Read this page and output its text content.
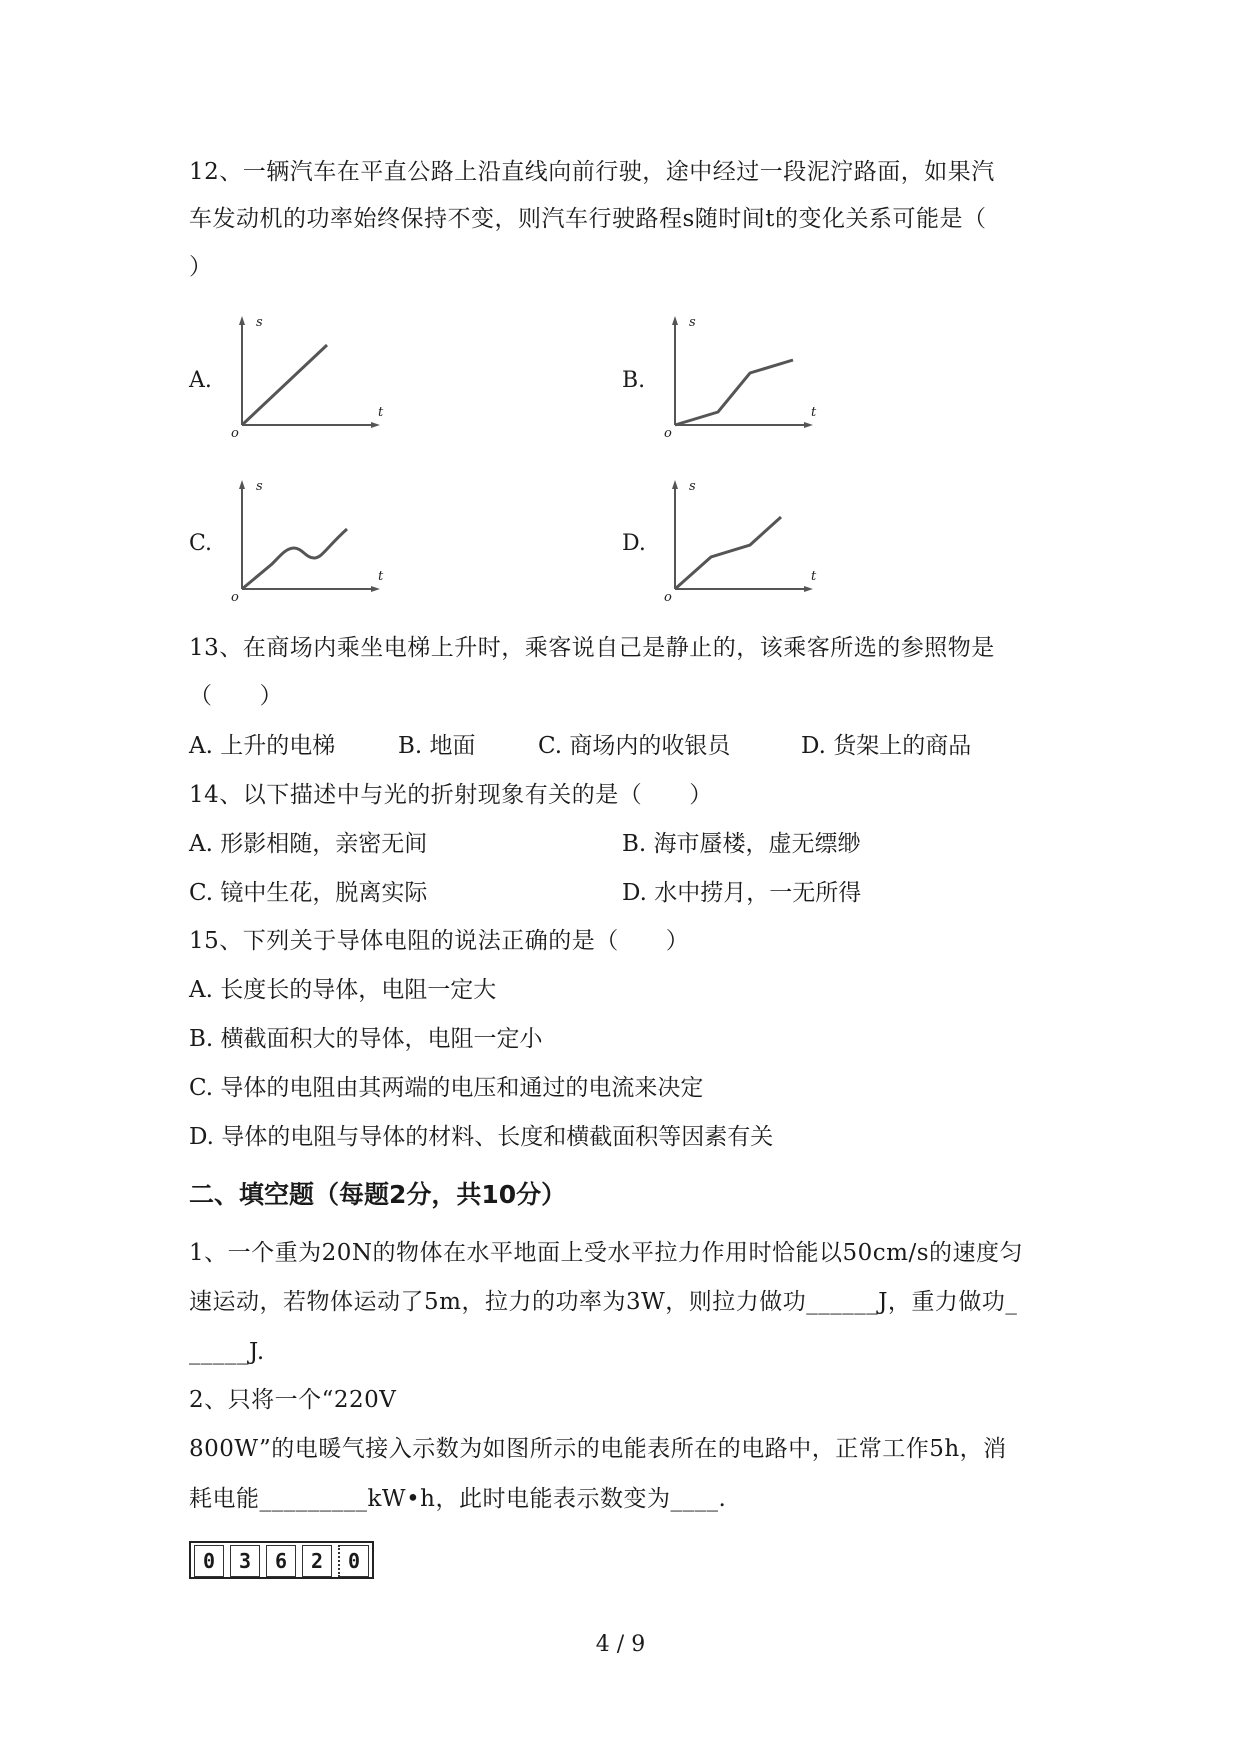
12、一辆汽车在平直公路上沿直线向前行驶，途中经过一段泥泞路面，如果汽
车发动机的功率始终保持不变，则汽车行驶路程s随时间t的变化关系可能是（
）
A.
s
t
o
B.
s
t
o
C.
s
t
o
D.
s
t
o
13、在商场内乘坐电梯上升时，乘客说自己是静止的，该乘客所选的参照物是
（　　）
A. 上升的电梯	B. 地面	C. 商场内的收银员	D. 货架上的商品
14、以下描述中与光的折射现象有关的是（　　）
A. 形影相随，亲密无间	B. 海市蜃楼，虚无缥缈
C. 镜中生花，脱离实际	D. 水中捞月，一无所得
15、下列关于导体电阻的说法正确的是（　　）
A. 长度长的导体，电阻一定大
B. 横截面积大的导体，电阻一定小
C. 导体的电阻由其两端的电压和通过的电流来决定
D. 导体的电阻与导体的材料、长度和横截面积等因素有关
二、填空题（每题2分，共10分）
1、一个重为20N的物体在水平地面上受水平拉力作用时恰能以50cm/s的速度匀
速运动，若物体运动了5m，拉力的功率为3W，则拉力做功______J，重力做功_
_____J.
2、只将一个“220V
800W”的电暖气接入示数为如图所示的电能表所在的电路中，正常工作5h，消
耗电能_________kW•h，此时电能表示数变为____.
0	3	6	2	0
4 / 9
